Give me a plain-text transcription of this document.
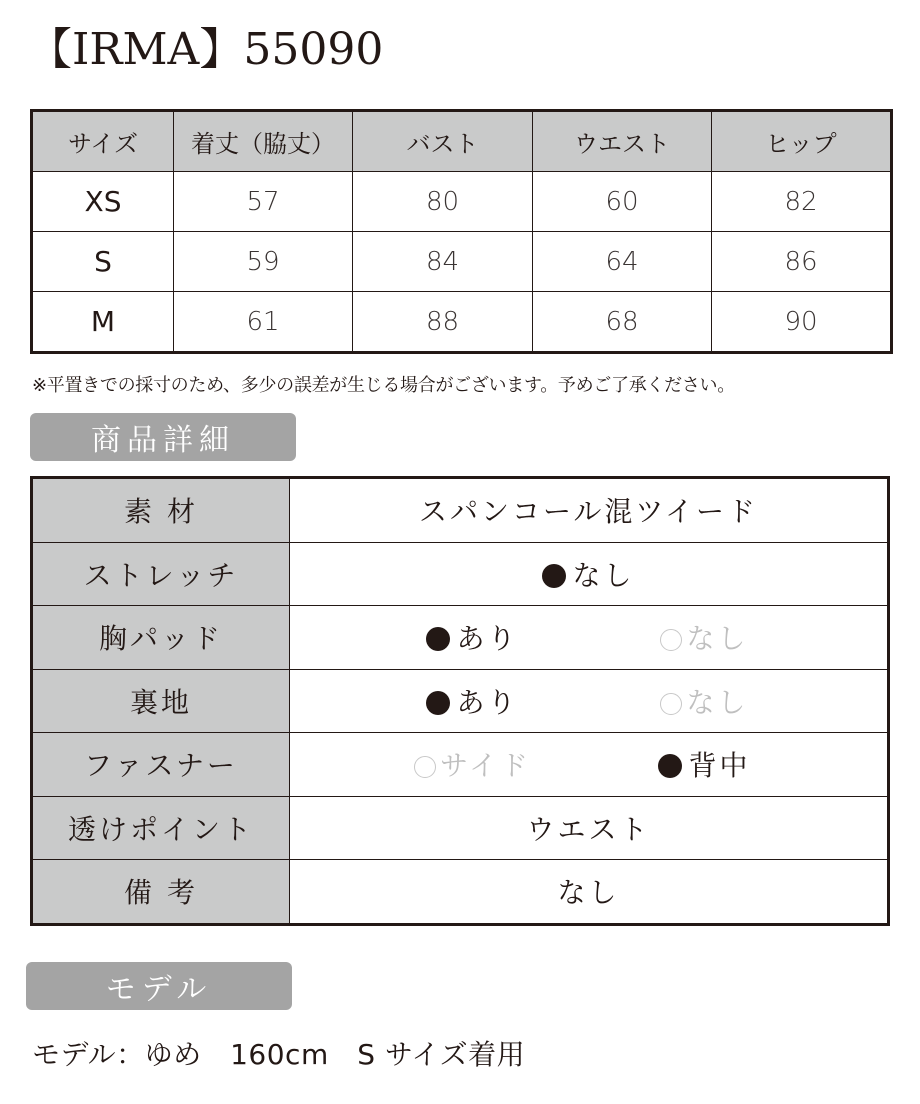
【IRMA】55090
サイズ	着丈（脇丈）	バスト	ウエスト	ヒップ
XS	57	80	60	82
S	59	84	64	86
M	61	88	68	90
※平置きでの採寸のため、多少の誤差が生じる場合がございます。予めご了承ください。
商品詳細
素 材	スパンコール混ツイード
ストレッチ	なし
胸パッド	あり なし

裏地	あり なし

ファスナー	サイド 背中

透けポイント	ウエスト
備 考	なし
モデル
モデル：ゆめ　160cm　S サイズ着用
